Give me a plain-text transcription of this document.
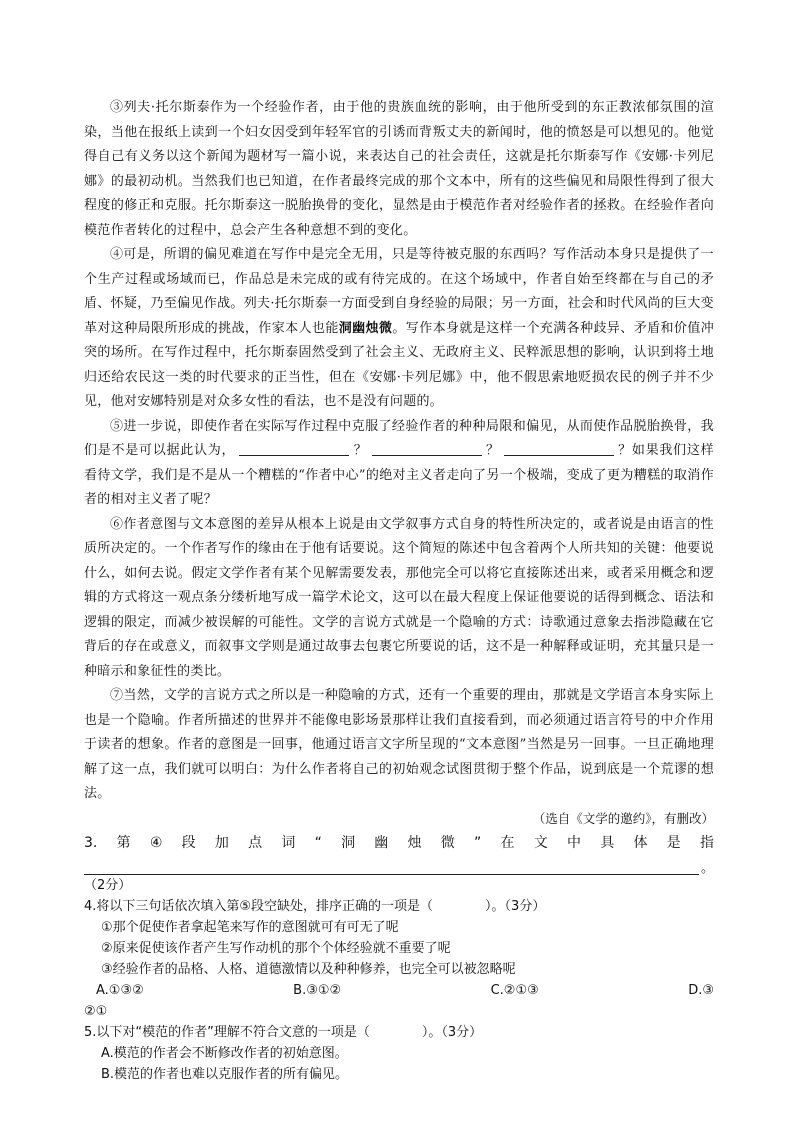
③列夫·托尔斯泰作为一个经验作者，由于他的贵族血统的影响，由于他所受到的东正教浓郁氛围的渲染，当他在报纸上读到一个妇女因受到年轻军官的引诱而背叛丈夫的新闻时，他的愤怒是可以想见的。他觉得自己有义务以这个新闻为题材写一篇小说，来表达自己的社会责任，这就是托尔斯泰写作《安娜·卡列尼娜》的最初动机。当然我们也已知道，在作者最终完成的那个文本中，所有的这些偏见和局限性得到了很大程度的修正和克服。托尔斯泰这一脱胎换骨的变化，显然是由于模范作者对经验作者的拯救。在经验作者向模范作者转化的过程中，总会产生各种意想不到的变化。

④可是，所谓的偏见难道在写作中是完全无用，只是等待被克服的东西吗？写作活动本身只是提供了一个生产过程或场域而已，作品总是未完成的或有待完成的。在这个场域中，作者自始至终都在与自己的矛盾、怀疑，乃至偏见作战。列夫·托尔斯泰一方面受到自身经验的局限；另一方面，社会和时代风尚的巨大变革对这种局限所形成的挑战，作家本人也能洞幽烛微。写作本身就是这样一个充满各种歧异、矛盾和价值冲突的场所。在写作过程中，托尔斯泰固然受到了社会主义、无政府主义、民粹派思想的影响，认识到将土地归还给农民这一类的时代要求的正当性，但在《安娜·卡列尼娜》中，他不假思索地贬损农民的例子并不少见，他对安娜特别是对众多女性的看法，也不是没有问题的。

⑤进一步说，即使作者在实际写作过程中克服了经验作者的种种局限和偏见，从而使作品脱胎换骨，我们是不是可以据此认为，	？	？	？如果我们这样看待文学，我们是不是从一个糟糕的“作者中心”的绝对主义者走向了另一个极端，变成了更为糟糕的取消作者的相对主义者了呢？

⑥作者意图与文本意图的差异从根本上说是由文学叙事方式自身的特性所决定的，或者说是由语言的性质所决定的。一个作者写作的缘由在于他有话要说。这个简短的陈述中包含着两个人所共知的关键：他要说什么，如何去说。假定文学作者有某个见解需要发表，那他完全可以将它直接陈述出来，或者采用概念和逻辑的方式将这一观点条分缕析地写成一篇学术论文，这可以在最大程度上保证他要说的话得到概念、语法和逻辑的限定，而减少被误解的可能性。文学的言说方式就是一个隐喻的方式：诗歌通过意象去指涉隐藏在它背后的存在或意义，而叙事文学则是通过故事去包裹它所要说的话，这不是一种解释或证明，充其量只是一种暗示和象征性的类比。

⑦当然，文学的言说方式之所以是一种隐喻的方式，还有一个重要的理由，那就是文学语言本身实际上也是一个隐喻。作者所描述的世界并不能像电影场景那样让我们直接看到，而必须通过语言符号的中介作用于读者的想象。作者的意图是一回事，他通过语言文字所呈现的“文本意图”当然是另一回事。一旦正确地理解了这一点，我们就可以明白：为什么作者将自己的初始观念试图贯彻于整个作品，说到底是一个荒谬的想法。

（选自《文学的邀约》，有删改）

3. 第 ④ 段 加 点 词 “ 洞 幽 烛 微 ” 在 文 中 具 体 是 指
。

（2分）

4.将以下三句话依次填入第⑤段空缺处，排序正确的一项是（　　　　）。（3分）

①那个促使作者拿起笔来写作的意图就可有可无了呢

②原来促使该作者产生写作动机的那个个体经验就不重要了呢

③经验作者的品格、人格、道德激情以及种种修养，也完全可以被忽略呢

A.①③②	B.③①②	C.②①③	D.③

②①

5.以下对“模范的作者”理解不符合文意的一项是（　　　　）。（3分）

A.模范的作者会不断修改作者的初始意图。

B.模范的作者也难以克服作者的所有偏见。
